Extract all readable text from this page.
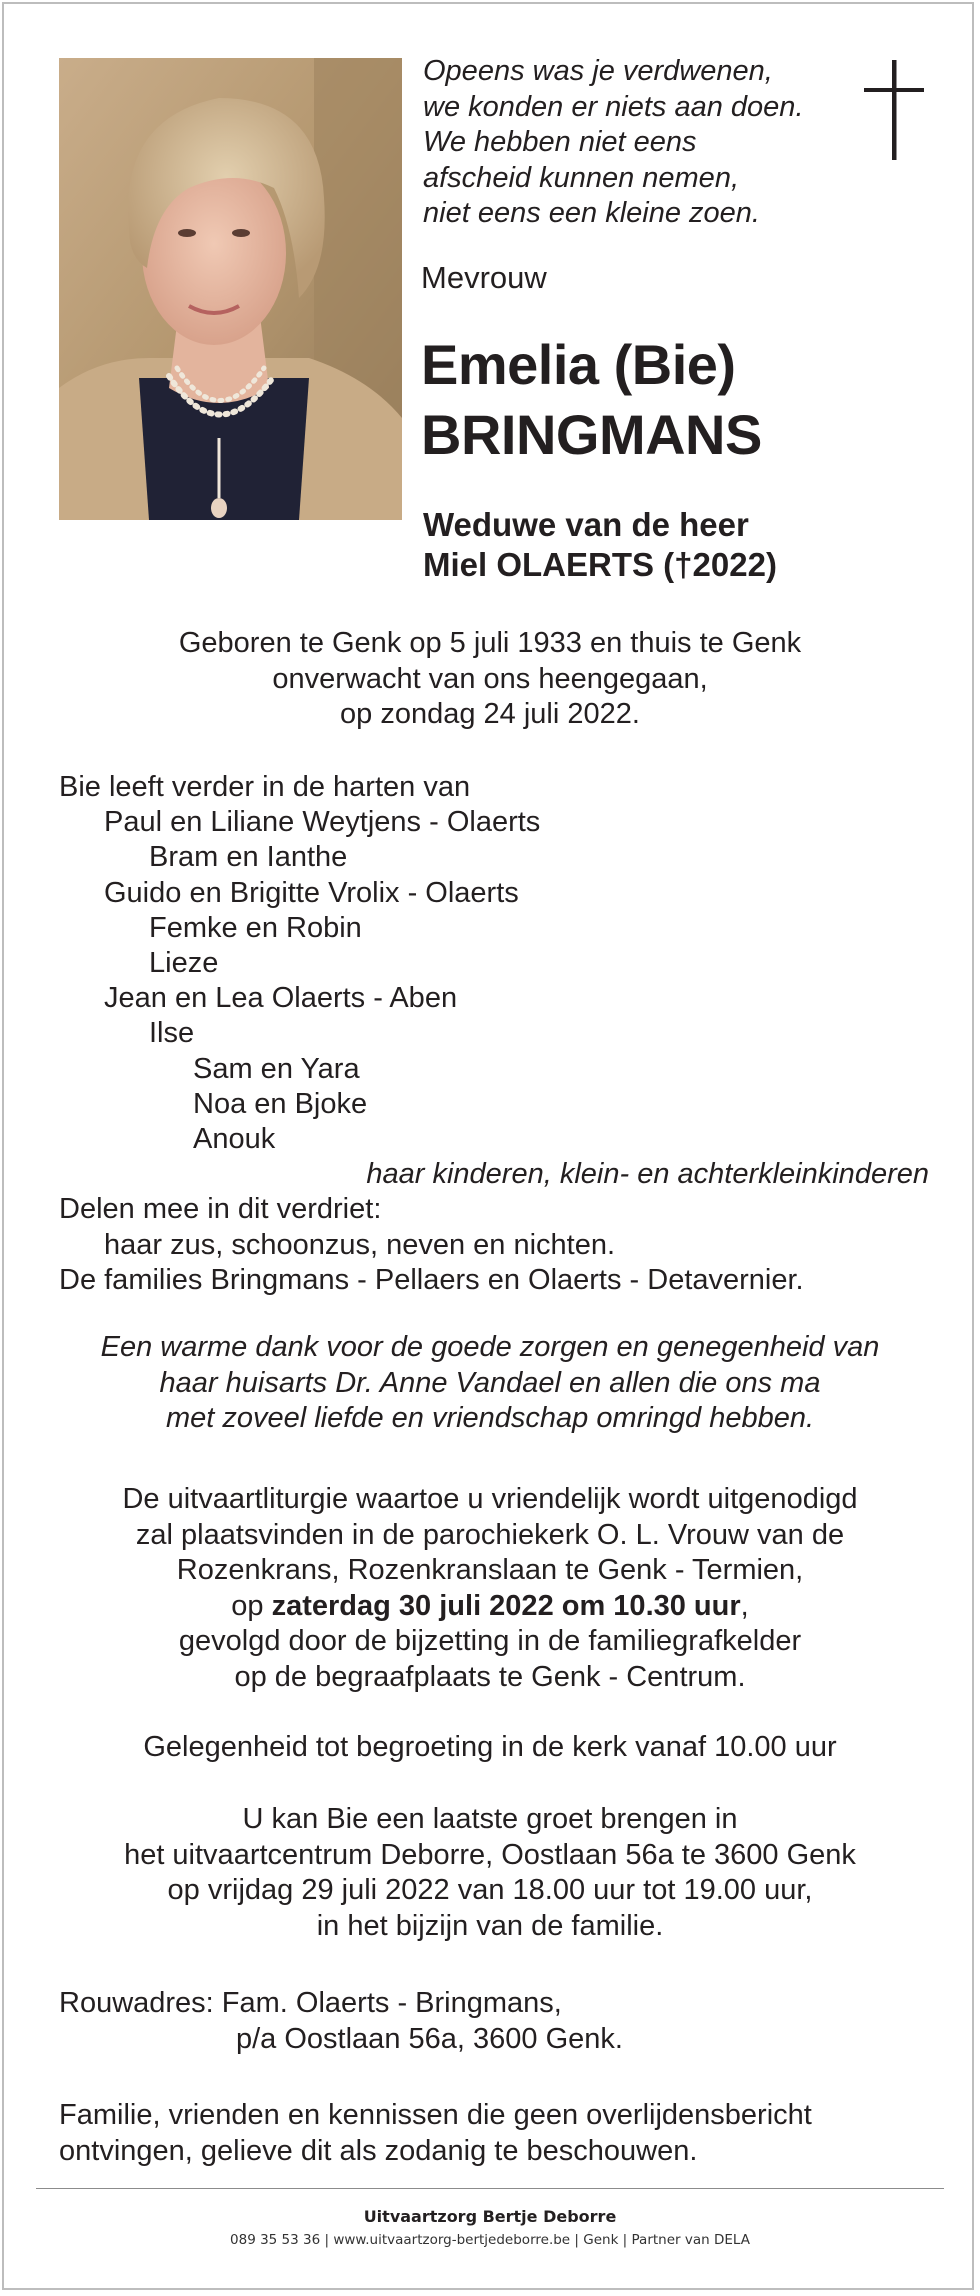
Opeens was je verdwenen,
we konden er niets aan doen.
We hebben niet eens
afscheid kunnen nemen,
niet eens een kleine zoen.
Mevrouw
Emelia (Bie)
BRINGMANS
Weduwe van de heer
Miel OLAERTS (†2022)
Geboren te Genk op 5 juli 1933 en thuis te Genk
onverwacht van ons heengegaan,
op zondag 24 juli 2022.
Bie leeft verder in de harten van
Paul en Liliane Weytjens - Olaerts
Bram en Ianthe
Guido en Brigitte Vrolix - Olaerts
Femke en Robin
Lieze
Jean en Lea Olaerts - Aben
Ilse
Sam en Yara
Noa en Bjoke
Anouk
haar kinderen, klein- en achterkleinkinderen
Delen mee in dit verdriet:
haar zus, schoonzus, neven en nichten.
De families Bringmans - Pellaers en Olaerts - Detavernier.
Een warme dank voor de goede zorgen en genegenheid van
haar huisarts Dr. Anne Vandael en allen die ons ma
met zoveel liefde en vriendschap omringd hebben.
De uitvaartliturgie waartoe u vriendelijk wordt uitgenodigd
zal plaatsvinden in de parochiekerk O. L. Vrouw van de
Rozenkrans, Rozenkranslaan te Genk - Termien,
op zaterdag 30 juli 2022 om 10.30 uur,
gevolgd door de bijzetting in de familiegrafkelder
op de begraafplaats te Genk - Centrum.
Gelegenheid tot begroeting in de kerk vanaf 10.00 uur
U kan Bie een laatste groet brengen in
het uitvaartcentrum Deborre, Oostlaan 56a te 3600 Genk
op vrijdag 29 juli 2022 van 18.00 uur tot 19.00 uur,
in het bijzijn van de familie.
Rouwadres: Fam. Olaerts - Bringmans,
p/a Oostlaan 56a, 3600 Genk.
Familie, vrienden en kennissen die geen overlijdensbericht
ontvingen, gelieve dit als zodanig te beschouwen.
Uitvaartzorg Bertje Deborre
089 35 53 36 | www.uitvaartzorg-bertjedeborre.be | Genk | Partner van DELA
